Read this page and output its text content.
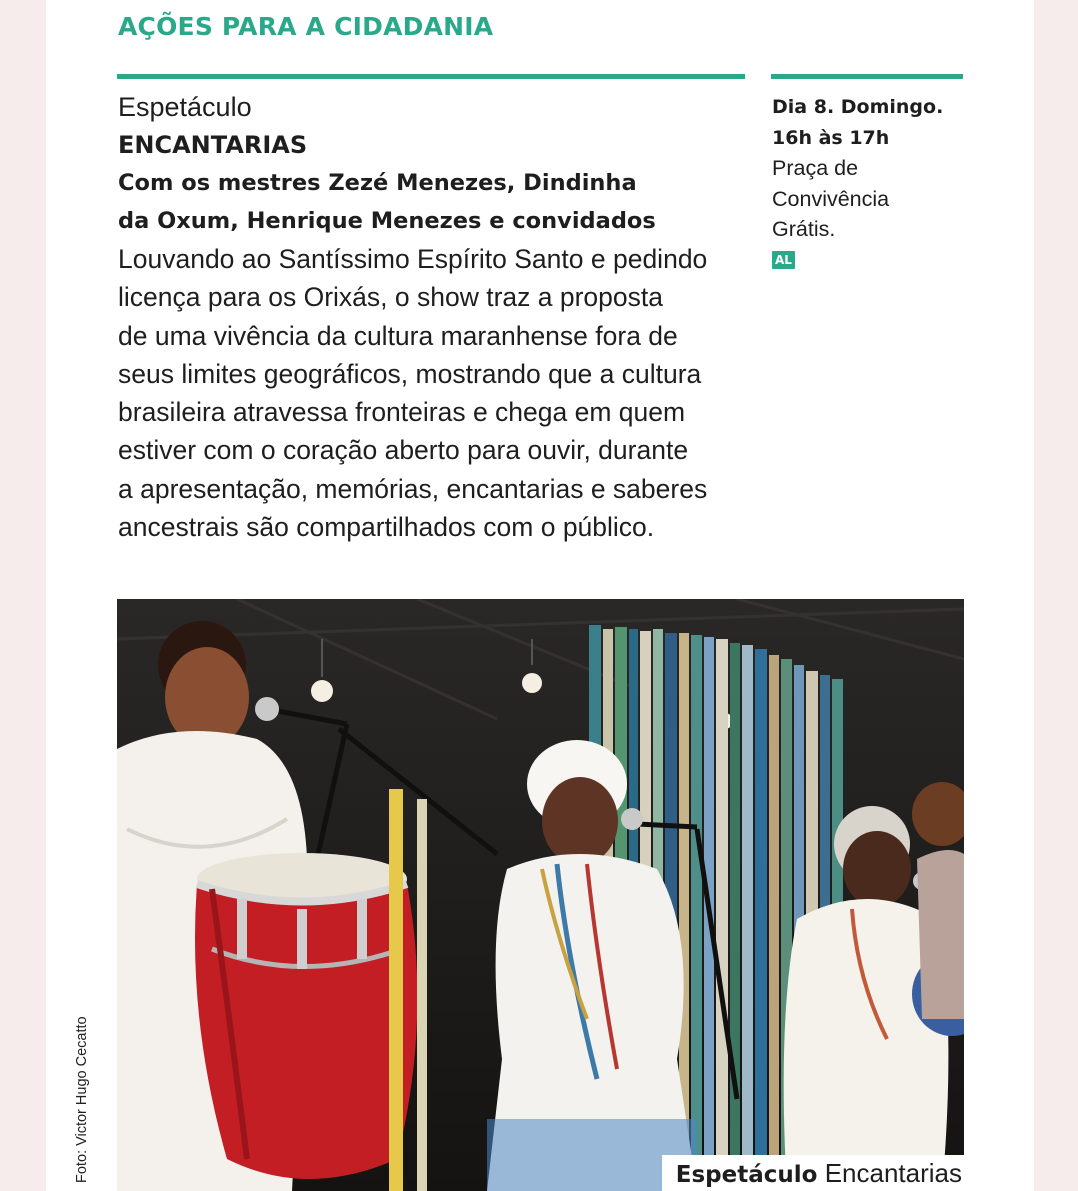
AÇÕES PARA A CIDADANIA
Espetáculo
ENCANTARIAS
Com os mestres Zezé Menezes, Dindinha
da Oxum, Henrique Menezes e convidados

Louvando ao Santíssimo Espírito Santo e pedindo
licença para os Orixás, o show traz a proposta
de uma vivência da cultura maranhense fora de
seus limites geográficos, mostrando que a cultura
brasileira atravessa fronteiras e chega em quem
estiver com o coração aberto para ouvir, durante
a apresentação, memórias, encantarias e saberes
ancestrais são compartilhados com o público.

Dia 8. Domingo.
16h às 17h
Praça de
Convivência
Grátis.
AL
Espetáculo Encantarias
Foto: Victor Hugo Cecatto
